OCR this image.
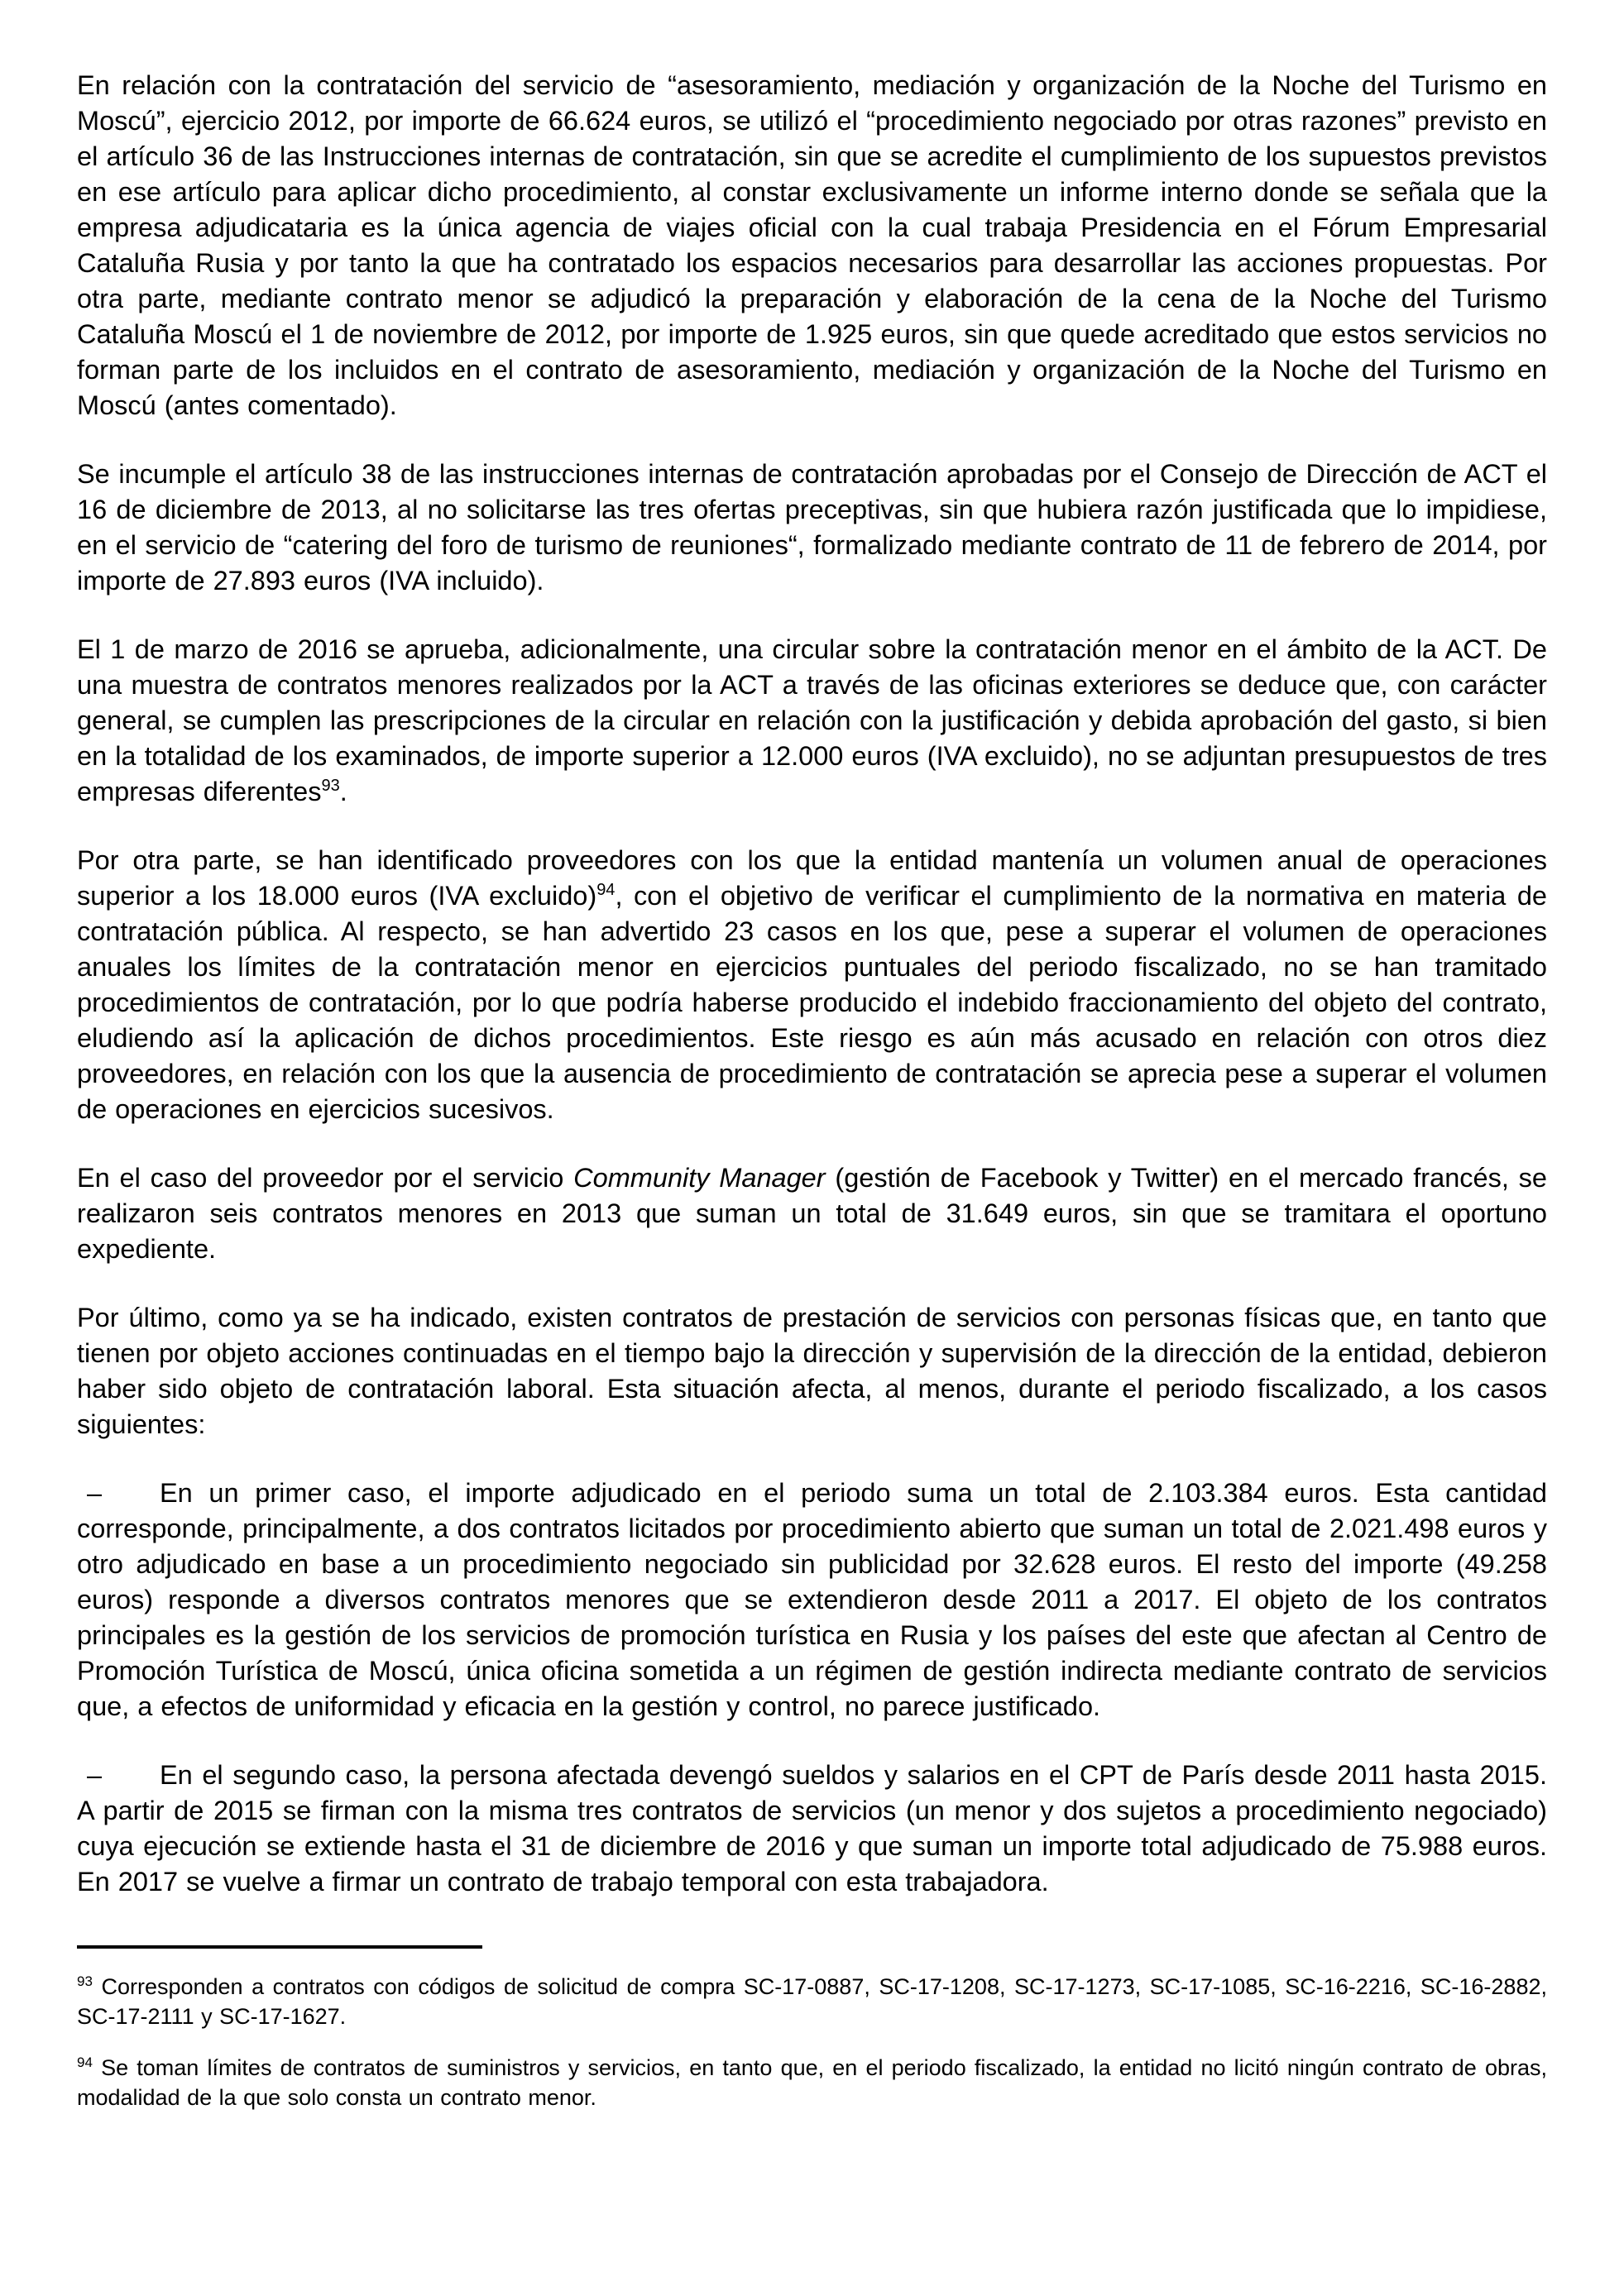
En relación con la contratación del servicio de “asesoramiento, mediación y organización de la Noche del Turismo en Moscú”, ejercicio 2012, por importe de 66.624 euros, se utilizó el “procedimiento negociado por otras razones” previsto en el artículo 36 de las Instrucciones internas de contratación, sin que se acredite el cumplimiento de los supuestos previstos en ese artículo para aplicar dicho procedimiento, al constar exclusivamente un informe interno donde se señala que la empresa adjudicataria es la única agencia de viajes oficial con la cual trabaja Presidencia en el Fórum Empresarial Cataluña Rusia y por tanto la que ha contratado los espacios necesarios para desarrollar las acciones propuestas. Por otra parte, mediante contrato menor se adjudicó la preparación y elaboración de la cena de la Noche del Turismo Cataluña Moscú el 1 de noviembre de 2012, por importe de 1.925 euros, sin que quede acreditado que estos servicios no forman parte de los incluidos en el contrato de asesoramiento, mediación y organización de la Noche del Turismo en Moscú (antes comentado).

Se incumple el artículo 38 de las instrucciones internas de contratación aprobadas por el Consejo de Dirección de ACT el 16 de diciembre de 2013, al no solicitarse las tres ofertas preceptivas, sin que hubiera razón justificada que lo impidiese, en el servicio de “catering del foro de turismo de reuniones“, formalizado mediante contrato de 11 de febrero de 2014, por importe de 27.893 euros (IVA incluido).

El 1 de marzo de 2016 se aprueba, adicionalmente, una circular sobre la contratación menor en el ámbito de la ACT. De una muestra de contratos menores realizados por la ACT a través de las oficinas exteriores se deduce que, con carácter general, se cumplen las prescripciones de la circular en relación con la justificación y debida aprobación del gasto, si bien en la totalidad de los examinados, de importe superior a 12.000 euros (IVA excluido), no se adjuntan presupuestos de tres empresas diferentes$^{93}$.

Por otra parte, se han identificado proveedores con los que la entidad mantenía un volumen anual de operaciones superior a los 18.000 euros (IVA excluido)$^{94}$, con el objetivo de verificar el cumplimiento de la normativa en materia de contratación pública. Al respecto, se han advertido 23 casos en los que, pese a superar el volumen de operaciones anuales los límites de la contratación menor en ejercicios puntuales del periodo fiscalizado, no se han tramitado procedimientos de contratación, por lo que podría haberse producido el indebido fraccionamiento del objeto del contrato, eludiendo así la aplicación de dichos procedimientos. Este riesgo es aún más acusado en relación con otros diez proveedores, en relación con los que la ausencia de procedimiento de contratación se aprecia pese a superar el volumen de operaciones en ejercicios sucesivos.

En el caso del proveedor por el servicio Community Manager (gestión de Facebook y Twitter) en el mercado francés, se realizaron seis contratos menores en 2013 que suman un total de 31.649 euros, sin que se tramitara el oportuno expediente.

Por último, como ya se ha indicado, existen contratos de prestación de servicios con personas físicas que, en tanto que tienen por objeto acciones continuadas en el tiempo bajo la dirección y supervisión de la dirección de la entidad, debieron haber sido objeto de contratación laboral. Esta situación afecta, al menos, durante el periodo fiscalizado, a los casos siguientes:

– En un primer caso, el importe adjudicado en el periodo suma un total de 2.103.384 euros. Esta cantidad corresponde, principalmente, a dos contratos licitados por procedimiento abierto que suman un total de 2.021.498 euros y otro adjudicado en base a un procedimiento negociado sin publicidad por 32.628 euros. El resto del importe (49.258 euros) responde a diversos contratos menores que se extendieron desde 2011 a 2017. El objeto de los contratos principales es la gestión de los servicios de promoción turística en Rusia y los países del este que afectan al Centro de Promoción Turística de Moscú, única oficina sometida a un régimen de gestión indirecta mediante contrato de servicios que, a efectos de uniformidad y eficacia en la gestión y control, no parece justificado.

– En el segundo caso, la persona afectada devengó sueldos y salarios en el CPT de París desde 2011 hasta 2015. A partir de 2015 se firman con la misma tres contratos de servicios (un menor y dos sujetos a procedimiento negociado) cuya ejecución se extiende hasta el 31 de diciembre de 2016 y que suman un importe total adjudicado de 75.988 euros. En 2017 se vuelve a firmar un contrato de trabajo temporal con esta trabajadora.

$^{93}$ Corresponden a contratos con códigos de solicitud de compra SC-17-0887, SC-17-1208, SC-17-1273, SC-17-1085, SC-16-2216, SC-16-2882, SC-17-2111 y SC-17-1627.

$^{94}$ Se toman límites de contratos de suministros y servicios, en tanto que, en el periodo fiscalizado, la entidad no licitó ningún contrato de obras, modalidad de la que solo consta un contrato menor.
